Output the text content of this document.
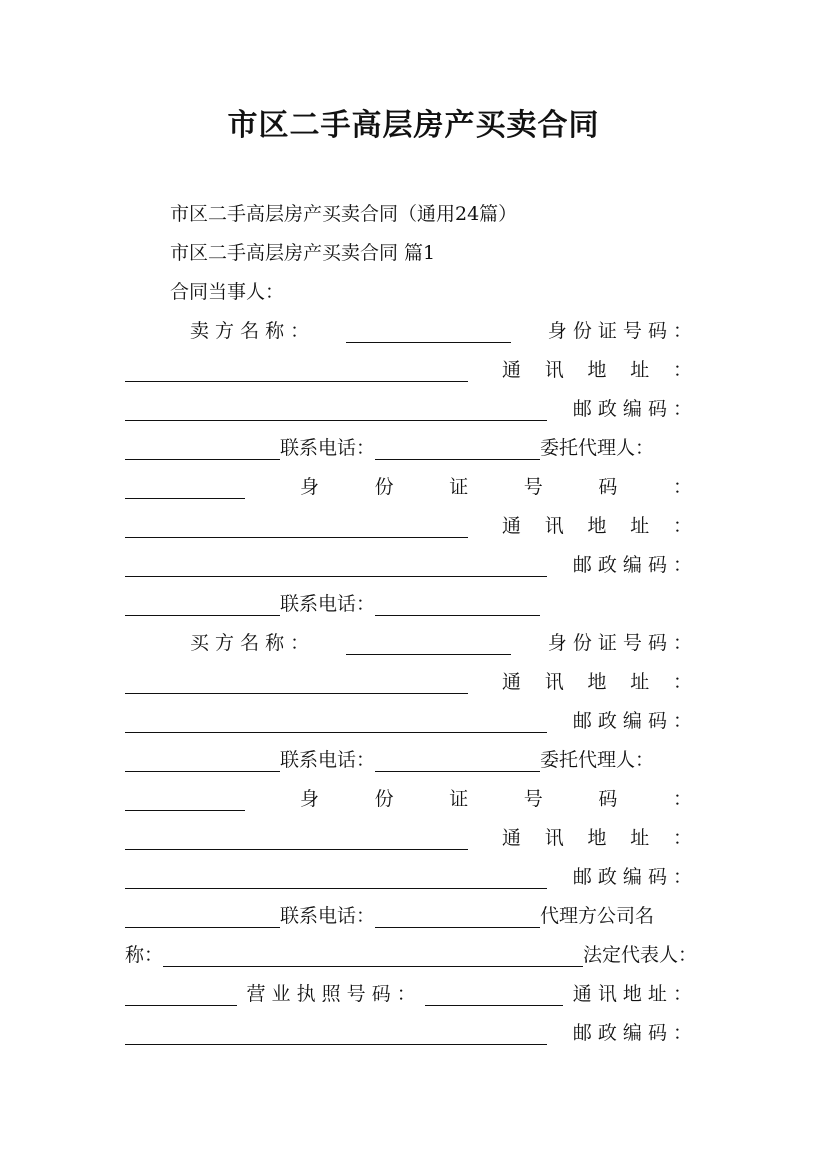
市区二手高层房产买卖合同
市区二手高层房产买卖合同（通用24篇）
市区二手高层房产买卖合同 篇1
合同当事人：
卖 方 名 称 ：	身 份 证 号 码 ：
通 讯 地 址 ：
邮 政 编 码 ：
联系电话：	委托代理人：
身	份	证	号	码	：
通 讯 地 址 ：
邮 政 编 码 ：
联系电话：
买 方 名 称 ：	身 份 证 号 码 ：
通 讯 地 址 ：
邮 政 编 码 ：
联系电话：	委托代理人：
身	份	证	号	码	：
通 讯 地 址 ：
邮 政 编 码 ：
联系电话：	代理方公司名
称：	法定代表人：
营 业 执 照 号 码 ：	通 讯 地 址 ：
邮 政 编 码 ：
